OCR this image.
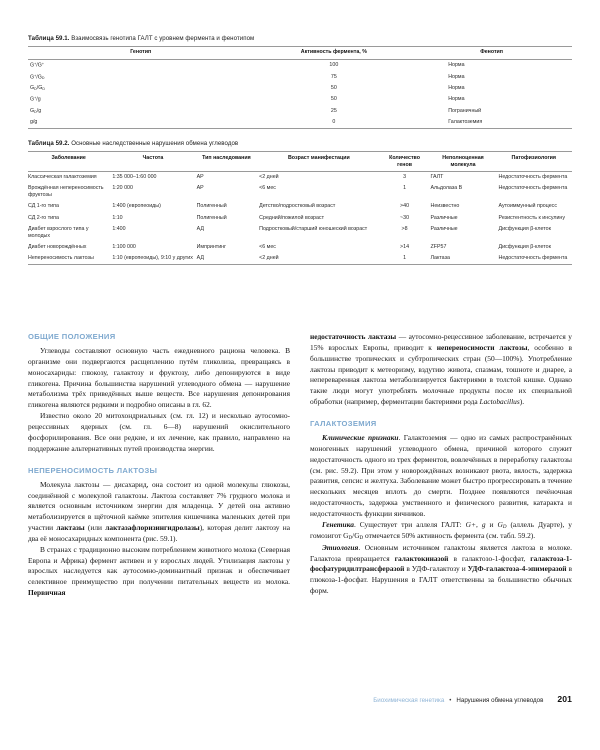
Таблица 59.1. Взаимосвязь генотипа ГАЛТ с уровнем фермента и фенотипом
Генотип	Активность фермента, %	Фенотип
G+/G+	100	Норма
$G^+/G_D$	75	Норма
$G_D/G_D$	50	Норма
G+/g	50	Норма
$G_D/g$	25	Пограничный
g/g	0	Галактоземия
Таблица 59.2. Основные наследственные нарушения обмена углеводов
Заболевание	Частота	Тип наследования	Возраст манифестации	Количество генов	Неполноценная молекула	Патофизиология
Классическая галактоземия	1:35 000–1:60 000	АР	<2 дней	3	ГАЛТ	Недостаточность фермента
Врождённая непереносимость фруктозы	1:20 000	АР	<6 мес	1	Альдолаза В	Недостаточность фермента
СД 1-го типа	1:400 (европеоиды)	Полигенный	Детство/подростковый возраст	>40	Неизвестно	Аутоиммунный процесс
СД 2-го типа	1:10	Полигенный	Средний/пожилой возраст	~30	Различные	Резистентность к инсулину
Диабет взрослого типа у молодых	1:400	АД	Подростковый/старший юношеский возраст	>8	Различные	Дисфункция β-клеток
Диабет новорождённых	1:100 000	Импринтинг	<6 мес	>14	ZFP57	Дисфункция β-клеток
Непереносимость лактозы	1:10 (европеоиды), 9:10 у других	АД	<2 дней	1	Лактаза	Недостаточность фермента
ОБЩИЕ ПОЛОЖЕНИЯ

Углеводы составляют основную часть ежедневного рациона человека. В организме они подвергаются расщеплению путём гликолиза, превращаясь в моносахариды: глюкозу, галактозу и фруктозу, либо депонируются в виде гликогена. Причина большинства нарушений углеводного обмена — нарушение метаболизма трёх приведённых выше веществ. Все нарушения депонирования гликогена являются редкими и подробно описаны в гл. 62.

Известно около 20 митохондриальных (см. гл. 12) и несколько аутосомно-рецессивных ядерных (см. гл. 6—8) нарушений окислительного фосфорилирования. Все они редкие, и их лечение, как правило, направлено на поддержание альтернативных путей производства энергии.

НЕПЕРЕНОСИМОСТЬ ЛАКТОЗЫ

Молекула лактозы — дисахарид, она состоит из одной молекулы глюкозы, соединённой с молекулой галактозы. Лактоза составляет 7% грудного молока и является основным источником энергии для младенца. У детей она активно метаболизируется в щёточной каёмке эпителия кишечника маленьких детей при участии лактазы (или лактазафлоризингидролазы), которая делит лактозу на два её моносахаридных компонента (рис. 59.1).

В странах с традиционно высоким потреблением животного молока (Северная Европа и Африка) фермент активен и у взрослых людей. Утилизация лактозы у взрослых наследуется как аутосомно-доминантный признак и обеспечивает селективное преимущество при получении питательных веществ из молока. Первичная

недостаточность лактазы — аутосомно-рецессивное заболевание, встречается у 15% взрослых Европы, приводит к непереносимости лактозы, особенно в большинстве тропических и субтропических стран (50—100%). Употребление лактозы приводит к метеоризму, вздутию живота, спазмам, тошноте и диарее, а непереваренная лактоза метаболизируется бактериями в толстой кишке. Однако такие люди могут употреблять молочные продукты после их специальной обработки (например, ферментации бактериями рода Lactobacillus).

ГАЛАКТОЗЕМИЯ

Клинические признаки. Галактоземия — одно из самых распространённых моногенных нарушений углеводного обмена, причиной которого служит недостаточность одного из трех ферментов, вовлечённых в переработку галактозы (см. рис. 59.2). При этом у новорождённых возникают рвота, вялость, задержка развития, сепсис и желтуха. Заболевание может быстро прогрессировать в течение нескольких месяцев вплоть до смерти. Позднее появляются печёночная недостаточность, задержка умственного и физического развития, катаракта и недостаточность функции яичников.

Генетика. Существует три аллеля ГАЛТ: G+, g и $G_D$ (аллель Дуарте), у гомозигот $G_D/G_D$ отмечается 50% активность фермента (см. табл. 59.2).

Этиология. Основным источником галактозы является лактоза в молоке. Галактоза превращается галактокиназой в галактозо-1-фосфат, галактоза-1-фосфатуридилтрансферазой в УДФ-галактозу и УДФ-галактоза-4-эпимеразой в глюкоза-1-фосфат. Нарушения в ГАЛТ ответственны за большинство обычных форм.

Биохимическая генетика • Нарушения обмена углеводов 201
